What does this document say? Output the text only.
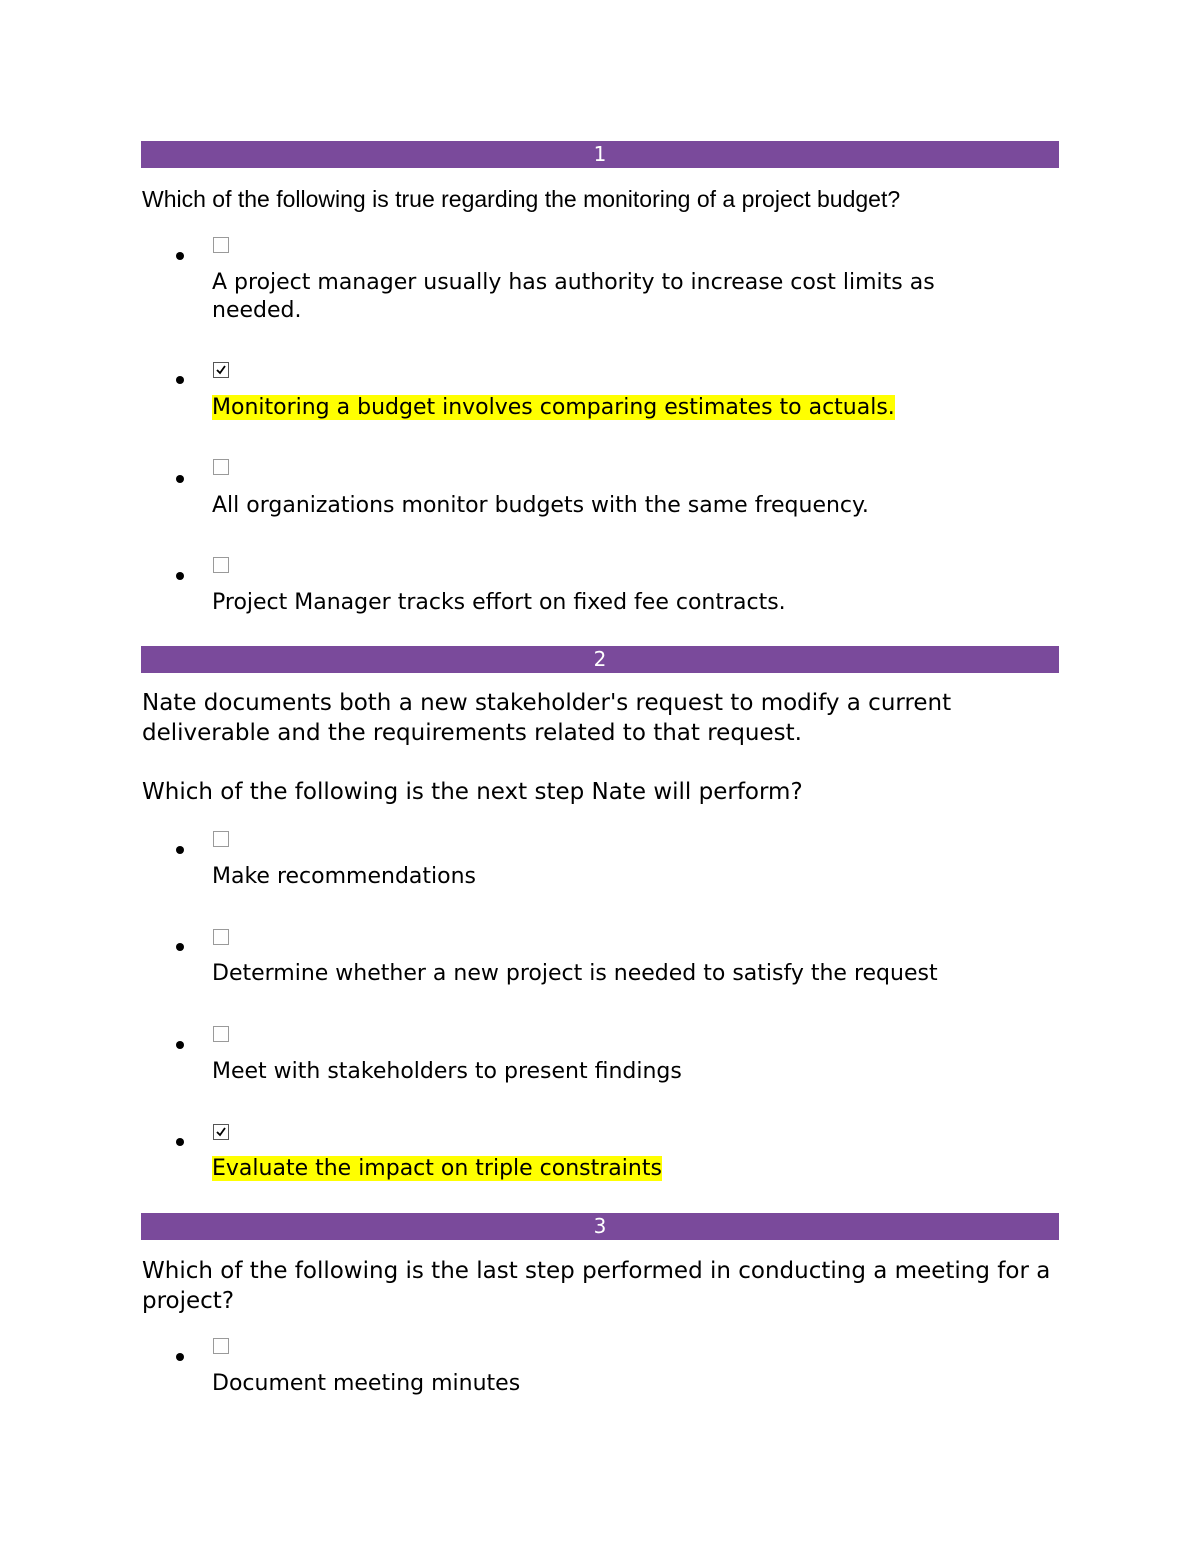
1

Which of the following is true regarding the monitoring of a project budget?

A project manager usually has authority to increase cost limits as needed.

Monitoring a budget involves comparing estimates to actuals.

All organizations monitor budgets with the same frequency.

Project Manager tracks effort on fixed fee contracts.

2

Nate documents both a new stakeholder's request to modify a current deliverable and the requirements related to that request.

Which of the following is the next step Nate will perform?

Make recommendations

Determine whether a new project is needed to satisfy the request

Meet with stakeholders to present findings

Evaluate the impact on triple constraints

3

Which of the following is the last step performed in conducting a meeting for a project?

Document meeting minutes
